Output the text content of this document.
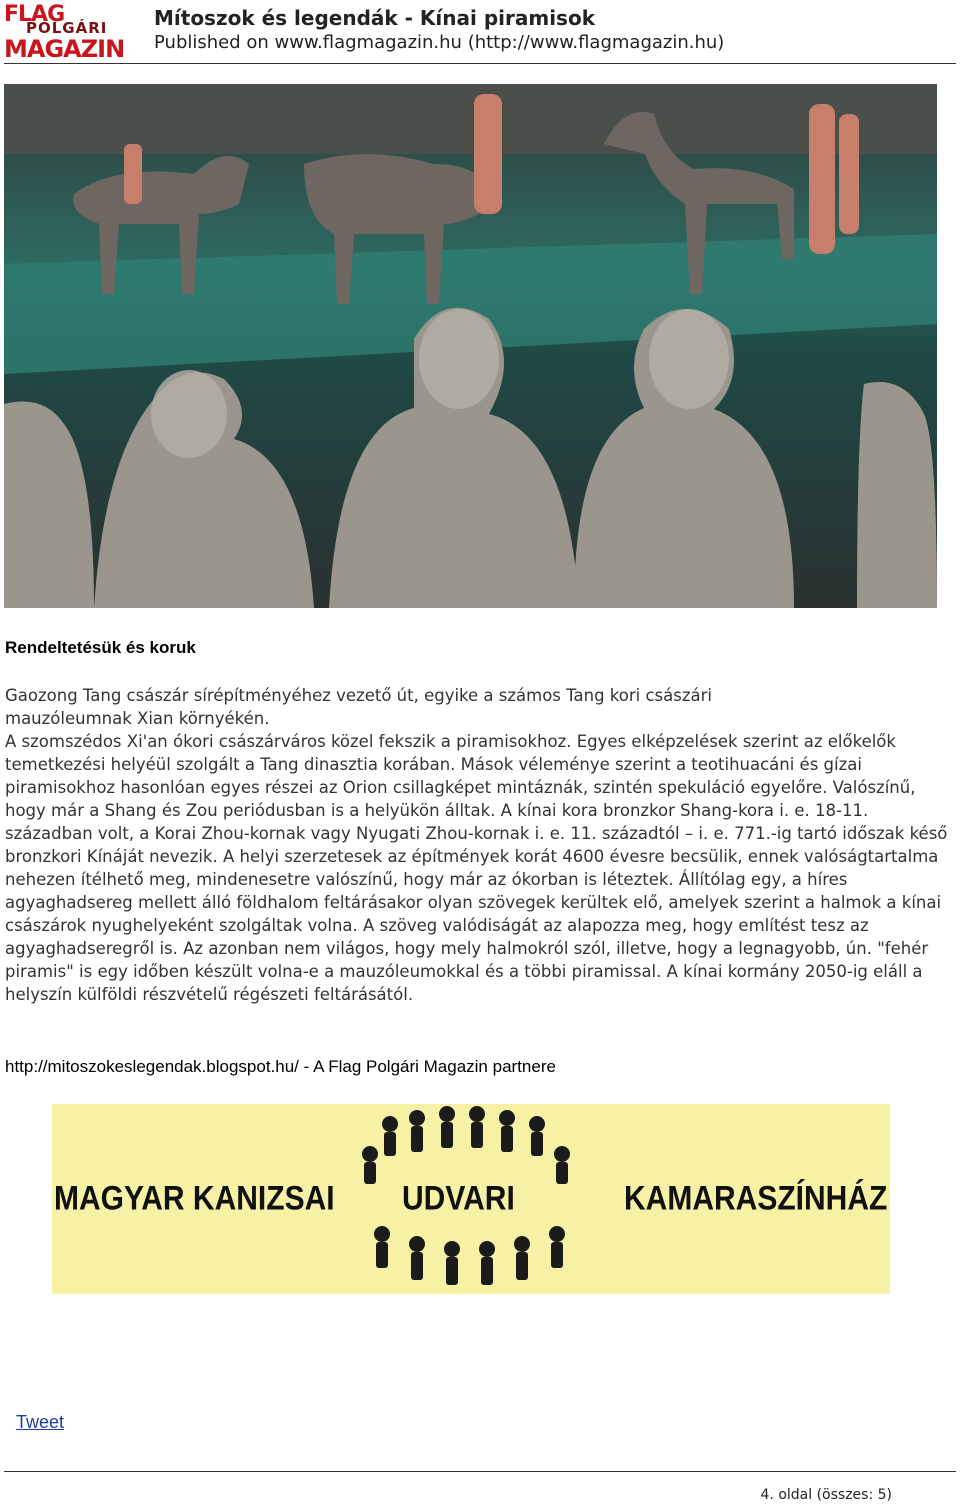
FLAG
POLGÁRI
MAGAZIN
Mítoszok és legendák - Kínai piramisok
Published on www.flagmagazin.hu (http://www.flagmagazin.hu)
Rendeltetésük és koruk

Gaozong Tang császár sírépítményéhez vezető út, egyike a számos Tang kori császári

mauzóleumnak Xian környékén.

A szomszédos Xi'an ókori császárváros közel fekszik a piramisokhoz. Egyes elképzelések szerint az előkelők temetkezési helyéül szolgált a Tang dinasztia korában. Mások véleménye szerint a teotihuacáni és gízai piramisokhoz hasonlóan egyes részei az Orion csillagképet mintáznák, szintén spekuláció egyelőre. Valószínű, hogy már a Shang és Zou periódusban is a helyükön álltak. A kínai kora bronzkor Shang-kora i. e. 18-11. században volt, a Korai Zhou-kornak vagy Nyugati Zhou-kornak i. e. 11. századtól – i. e. 771.-ig tartó időszak késő bronzkori Kínáját nevezik. A helyi szerzetesek az építmények korát 4600 évesre becsülik, ennek valóságtartalma nehezen ítélhető meg, mindenesetre valószínű, hogy már az ókorban is léteztek. Állítólag egy, a híres agyaghadsereg mellett álló földhalom feltárásakor olyan szövegek kerültek elő, amelyek szerint a halmok a kínai császárok nyughelyeként szolgáltak volna. A szöveg valódiságát az alapozza meg, hogy említést tesz az agyaghadseregről is. Az azonban nem világos, hogy mely halmokról szól, illetve, hogy a legnagyobb, ún. "fehér piramis" is egy időben készült volna-e a mauzóleumokkal és a többi piramissal. A kínai kormány 2050-ig eláll a helyszín külföldi részvételű régészeti feltárásától.

http://mitoszokeslegendak.blogspot.hu/ - A Flag Polgári Magazin partnere
MAGYAR KANIZSAI UDVARI	KAMARASZÍNHÁZ
Tweet
4. oldal (összes: 5)
